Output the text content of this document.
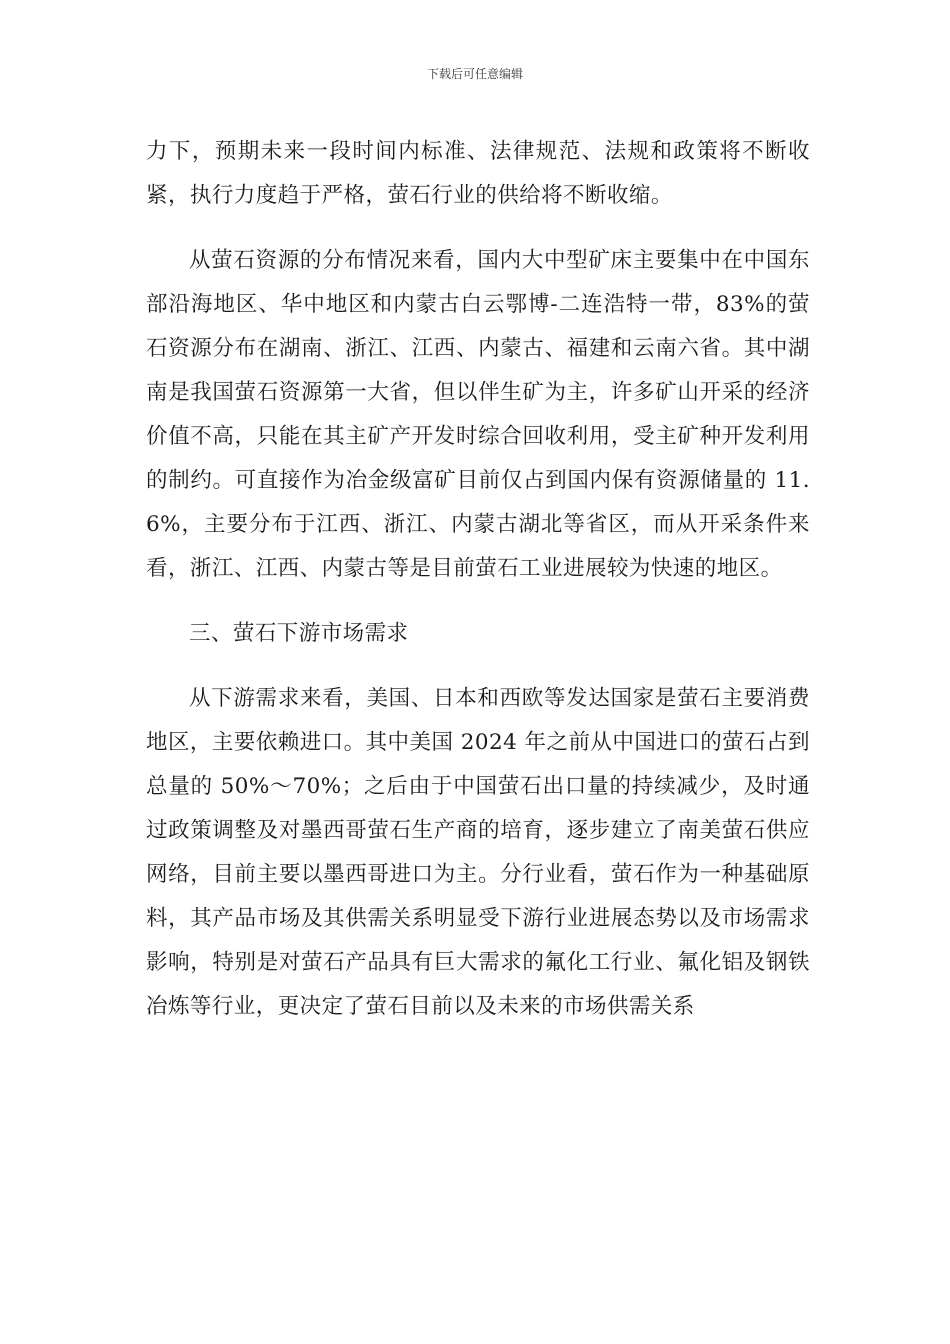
下载后可任意编辑

力下，预期未来一段时间内标准、法律规范、法规和政策将不断收紧，执行力度趋于严格，萤石行业的供给将不断收缩。

从萤石资源的分布情况来看，国内大中型矿床主要集中在中国东部沿海地区、华中地区和内蒙古白云鄂博-二连浩特一带，83%的萤石资源分布在湖南、浙江、江西、内蒙古、福建和云南六省。其中湖南是我国萤石资源第一大省，但以伴生矿为主，许多矿山开采的经济价值不高，只能在其主矿产开发时综合回收利用，受主矿种开发利用的制约。可直接作为冶金级富矿目前仅占到国内保有资源储量的 11.6%，主要分布于江西、浙江、内蒙古湖北等省区，而从开采条件来看，浙江、江西、内蒙古等是目前萤石工业进展较为快速的地区。

三、萤石下游市场需求

从下游需求来看，美国、日本和西欧等发达国家是萤石主要消费地区，主要依赖进口。其中美国 2024 年之前从中国进口的萤石占到总量的 50%～70%；之后由于中国萤石出口量的持续减少，及时通过政策调整及对墨西哥萤石生产商的培育，逐步建立了南美萤石供应网络，目前主要以墨西哥进口为主。分行业看，萤石作为一种基础原料，其产品市场及其供需关系明显受下游行业进展态势以及市场需求影响，特别是对萤石产品具有巨大需求的氟化工行业、氟化铝及钢铁冶炼等行业，更决定了萤石目前以及未来的市场供需关系
